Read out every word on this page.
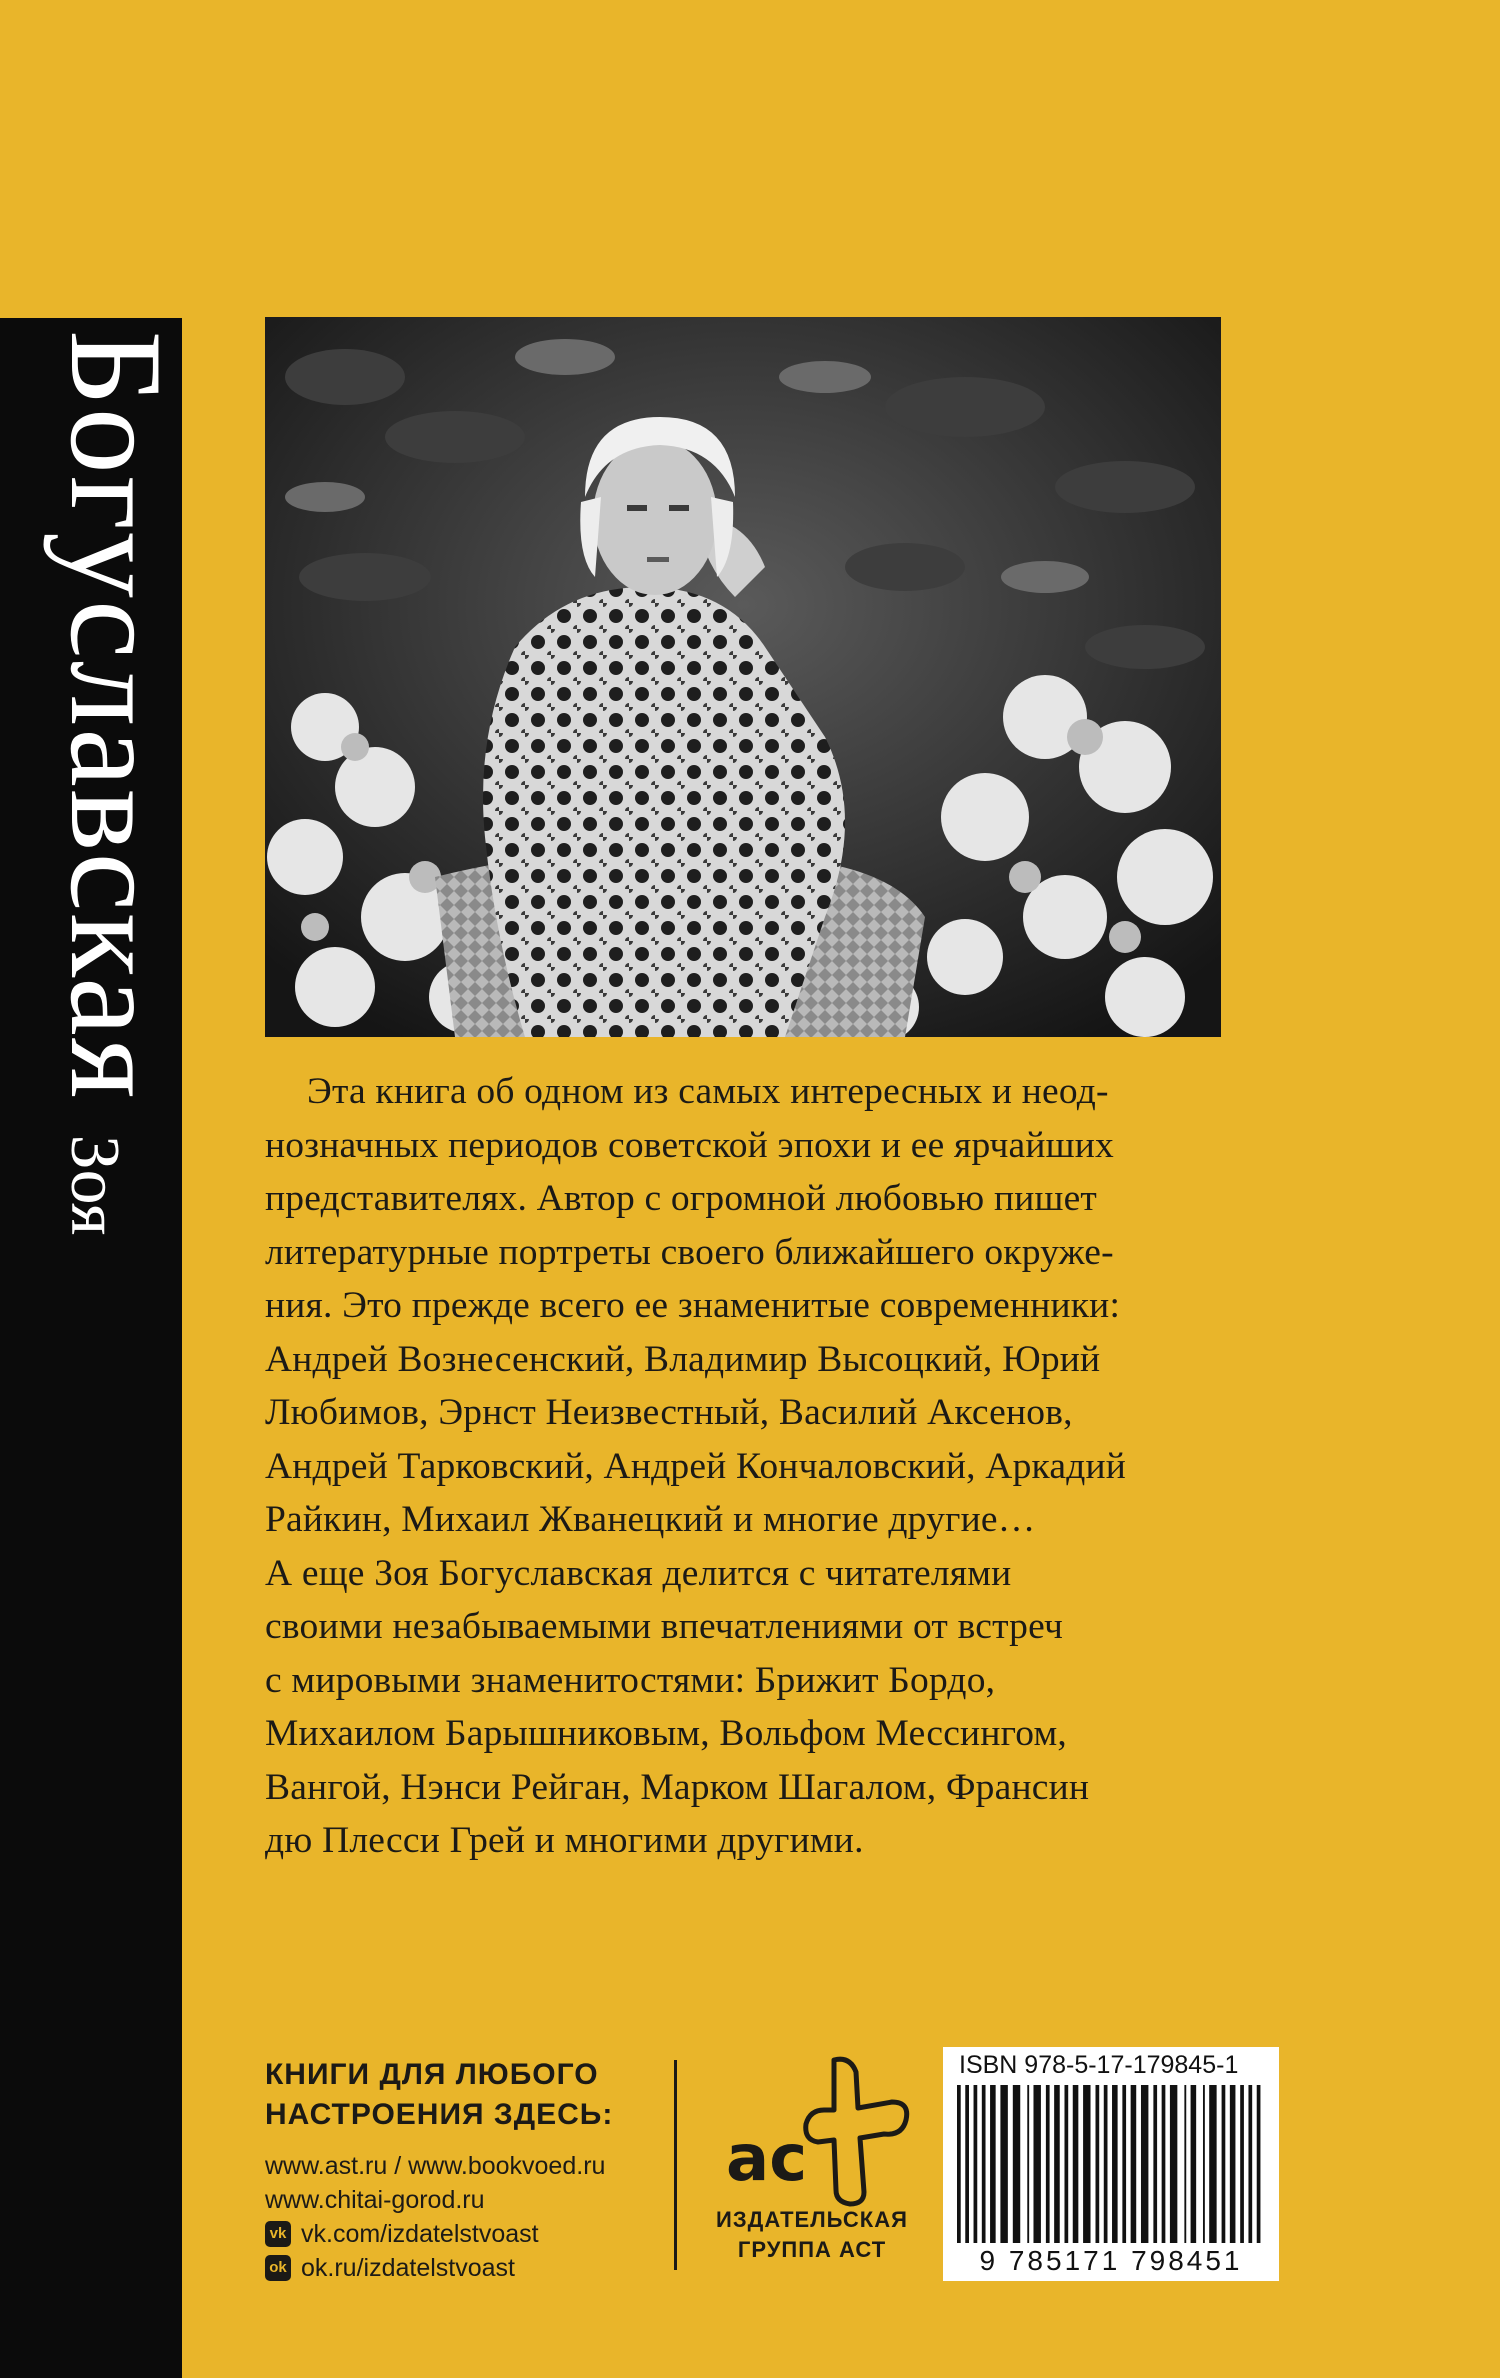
Богуславская
Зоя
Эта книга об одном из самых интересных и неод-
нозначных периодов советской эпохи и ее ярчайших
представителях. Автор с огромной любовью пишет
литературные портреты своего ближайшего окруже-
ния. Это прежде всего ее знаменитые современники:
Андрей Вознесенский, Владимир Высоцкий, Юрий
Любимов, Эрнст Неизвестный, Василий Аксенов,
Андрей Тарковский, Андрей Кончаловский, Аркадий
Райкин, Михаил Жванецкий и многие другие…
А еще Зоя Богуславская делится с читателями
своими незабываемыми впечатлениями от встреч
с мировыми знаменитостями: Брижит Бордо,
Михаилом Барышниковым, Вольфом Мессингом,
Вангой, Нэнси Рейган, Марком Шагалом, Франсин
дю Плесси Грей и многими другими.
КНИГИ ДЛЯ ЛЮБОГО
НАСТРОЕНИЯ ЗДЕСЬ:
www.ast.ru / www.bookvoed.ru
www.chitai-gorod.ru
vk vk.com/izdatelstvoast
ok ok.ru/izdatelstvoast
ac
ИЗДАТЕЛЬСКАЯ
ГРУППА АСТ
ISBN 978-5-17-179845-1
9 785171 798451
